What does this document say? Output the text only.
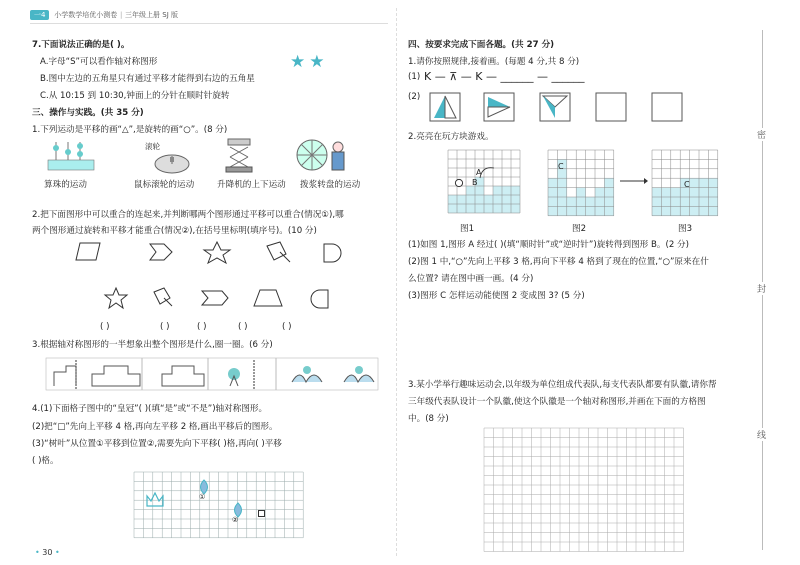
一4 小学数学培优小测卷 | 三年级上册 SJ 版
7.下面说法正确的是( )。
A.字母“S”可以看作轴对称图形
B.图中左边的五角星只有通过平移才能得到右边的五角星
C.从 10:15 到 10:30,钟面上的分针在顺时针旋转
★★
三、操作与实践。(共 35 分)
1.下列运动是平移的画“△”,是旋转的画“○”。(8 分)
滚轮
算珠的运动	鼠标滚轮的运动	升降机的上下运动 拨浆转盘的运动
2.把下面图形中可以重合的连起来,并判断哪两个图形通过平移可以重合(情况①),哪
两个图形通过旋转和平移才能重合(情况②),在括号里标明(填序号)。(10 分)
( )	( )	( )	( )	( )
3.根据轴对称图形的一半想象出整个图形是什么,圈一圈。(6 分)
4.(1)下面格子图中的“皇冠”( )(填“是”或“不是”)轴对称图形。
(2)把“□”先向上平移 4 格,再向左平移 2 格,画出平移后的图形。
(3)“树叶”从位置①平移到位置②,需要先向下平移( )格,再向( )平移
( )格。
①
②
• 30 •
四、按要求完成下面各题。(共 27 分)
1.请你按照规律,接着画。(每题 4 分,共 8 分)
(1) K — ⊼ — K — ______ — ______
(2)
2.亮亮在玩方块游戏。
图1	图2	图3
(1)如图 1,图形 A 经过( )(填“顺时针”或“逆时针”)旋转得到图形 B。(2 分)
(2)图 1 中,“○”先向上平移 3 格,再向下平移 4 格到了现在的位置,“○”原来在什
么位置? 请在图中画一画。(4 分)
(3)图形 C 怎样运动能使图 2 变成图 3? (5 分)
3.某小学举行趣味运动会,以年级为单位组成代表队,每支代表队都要有队徽,请你帮
三年级代表队设计一个队徽,使这个队徽是一个轴对称图形,并画在下面的方格图
中。(8 分)
A
B
C
C
密
封
线
